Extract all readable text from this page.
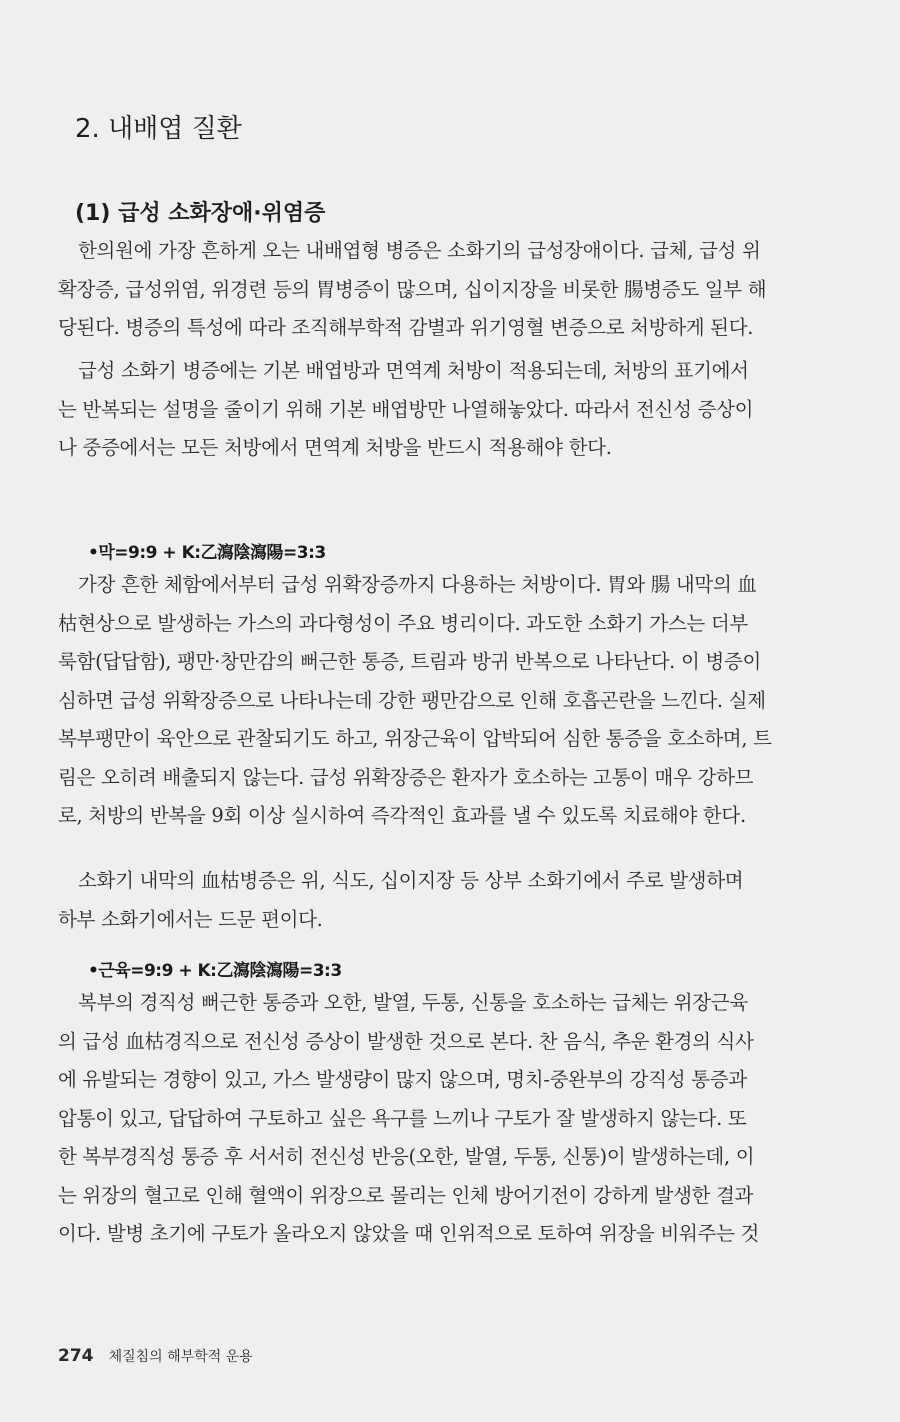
2. 내배엽 질환
(1) 급성 소화장애·위염증
한의원에 가장 흔하게 오는 내배엽형 병증은 소화기의 급성장애이다. 급체, 급성 위
확장증, 급성위염, 위경련 등의 胃병증이 많으며, 십이지장을 비롯한 腸병증도 일부 해
당된다. 병증의 특성에 따라 조직해부학적 감별과 위기영혈 변증으로 처방하게 된다.
급성 소화기 병증에는 기본 배엽방과 면역계 처방이 적용되는데, 처방의 표기에서
는 반복되는 설명을 줄이기 위해 기본 배엽방만 나열해놓았다. 따라서 전신성 증상이
나 중증에서는 모든 처방에서 면역계 처방을 반드시 적용해야 한다.
•막=9:9 + K:乙瀉陰瀉陽=3:3
가장 흔한 체함에서부터 급성 위확장증까지 다용하는 처방이다. 胃와 腸 내막의 血
枯현상으로 발생하는 가스의 과다형성이 주요 병리이다. 과도한 소화기 가스는 더부
룩함(답답함), 팽만·창만감의 뻐근한 통증, 트림과 방귀 반복으로 나타난다. 이 병증이
심하면 급성 위확장증으로 나타나는데 강한 팽만감으로 인해 호흡곤란을 느낀다. 실제
복부팽만이 육안으로 관찰되기도 하고, 위장근육이 압박되어 심한 통증을 호소하며, 트
림은 오히려 배출되지 않는다. 급성 위확장증은 환자가 호소하는 고통이 매우 강하므
로, 처방의 반복을 9회 이상 실시하여 즉각적인 효과를 낼 수 있도록 치료해야 한다.
소화기 내막의 血枯병증은 위, 식도, 십이지장 등 상부 소화기에서 주로 발생하며
하부 소화기에서는 드문 편이다.
•근육=9:9 + K:乙瀉陰瀉陽=3:3
복부의 경직성 뻐근한 통증과 오한, 발열, 두통, 신통을 호소하는 급체는 위장근육
의 급성 血枯경직으로 전신성 증상이 발생한 것으로 본다. 찬 음식, 추운 환경의 식사
에 유발되는 경향이 있고, 가스 발생량이 많지 않으며, 명치-중완부의 강직성 통증과
압통이 있고, 답답하여 구토하고 싶은 욕구를 느끼나 구토가 잘 발생하지 않는다. 또
한 복부경직성 통증 후 서서히 전신성 반응(오한, 발열, 두통, 신통)이 발생하는데, 이
는 위장의 혈고로 인해 혈액이 위장으로 몰리는 인체 방어기전이 강하게 발생한 결과
이다. 발병 초기에 구토가 올라오지 않았을 때 인위적으로 토하여 위장을 비워주는 것
274 체질침의 해부학적 운용
